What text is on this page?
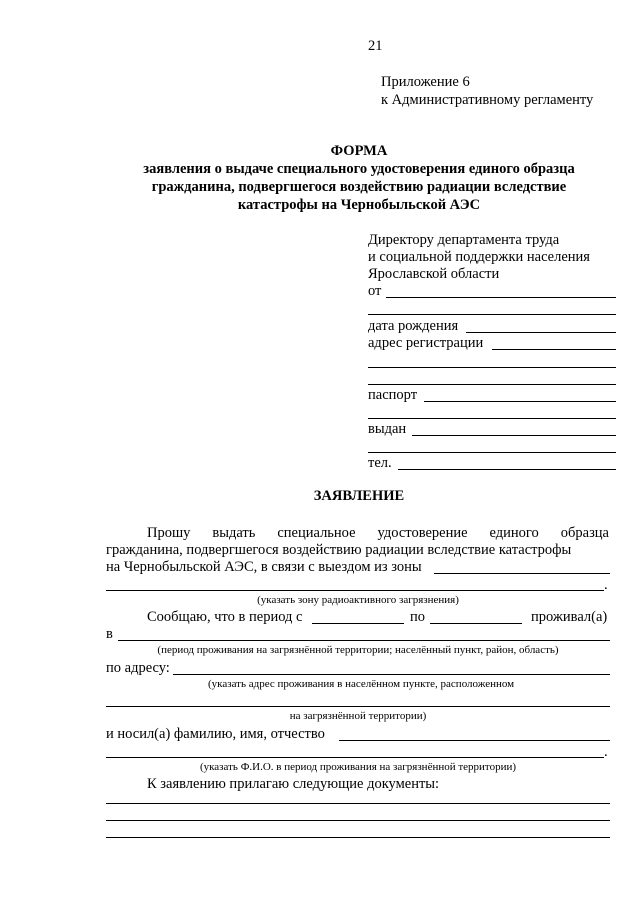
21
Приложение 6
к Административному регламенту
ФОРМА
заявления о выдаче специального удостоверения единого образца
гражданина, подвергшегося воздействию радиации вследствие
катастрофы на Чернобыльской АЭС
Директору департамента труда
и социальной поддержки населения
Ярославской области
от
дата рождения
адрес регистрации
паспорт
выдан
тел.
ЗАЯВЛЕНИЕ
Прошу выдать специальное удостоверение единого образца
гражданина, подвергшегося воздействию радиации вследствие катастрофы
на Чернобыльской АЭС, в связи с выездом из зоны
.
(указать зону радиоактивного загрязнения)
Сообщаю, что в период с	по	проживал(а)
в
(период проживания на загрязнённой территории; населённый пункт, район, область)
по адресу:
(указать адрес проживания в населённом пункте, расположенном
на загрязнённой территории)
и носил(а) фамилию, имя, отчество
.
(указать Ф.И.О. в период проживания на загрязнённой территории)
К заявлению прилагаю следующие документы:
